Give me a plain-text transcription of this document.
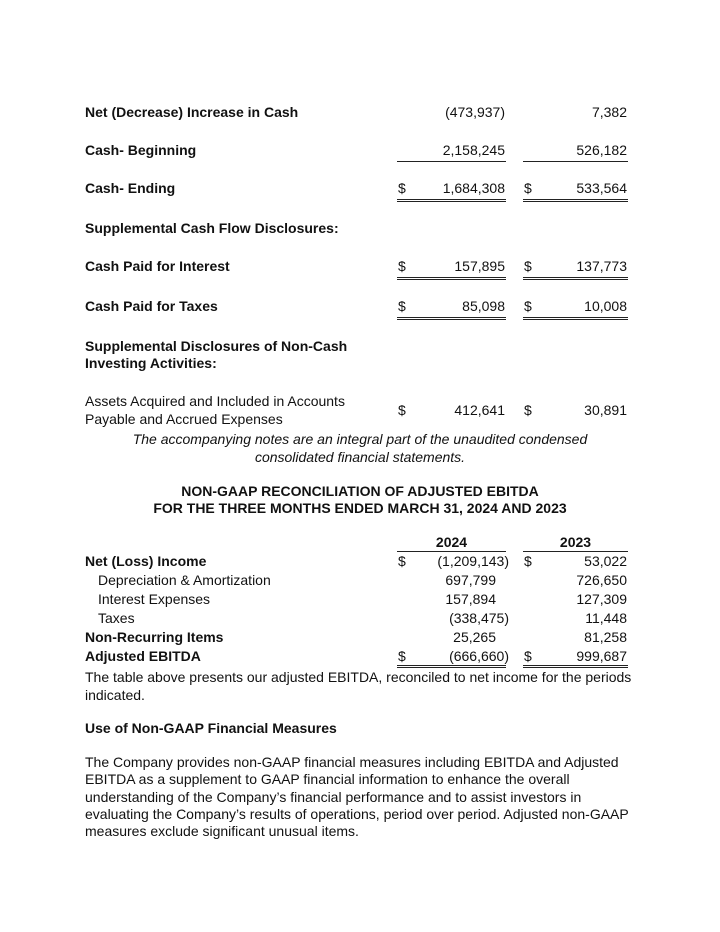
Net (Decrease) Increase in Cash	(473,937)	7,382
Cash- Beginning	2,158,245	526,182
Cash- Ending	$	1,684,308 $	533,564
Supplemental Cash Flow Disclosures:
Cash Paid for Interest	$	157,895 $	137,773
Cash Paid for Taxes	$	85,098 $	10,008
Supplemental Disclosures of Non-Cash
Investing Activities:
Assets Acquired and Included in Accounts
Payable and Accrued Expenses
$	412,641 $	30,891
The accompanying notes are an integral part of the unaudited condensed
consolidated financial statements.
NON-GAAP RECONCILIATION OF ADJUSTED EBITDA
FOR THE THREE MONTHS ENDED MARCH 31, 2024 AND 2023
2024	2023
Net (Loss) Income	$ (1,209,143) $	53,022
Depreciation & Amortization	697,799	726,650
Interest Expenses	157,894	127,309
Taxes	(338,475)	11,448
Non-Recurring Items	25,265	81,258
Adjusted EBITDA	$	(666,660) $	999,687
The table above presents our adjusted EBITDA, reconciled to net income for the periods indicated.
Use of Non-GAAP Financial Measures
The Company provides non-GAAP financial measures including EBITDA and Adjusted EBITDA as a supplement to GAAP financial information to enhance the overall understanding of the Company’s financial performance and to assist investors in evaluating the Company’s results of operations, period over period. Adjusted non-GAAP measures exclude significant unusual items.
